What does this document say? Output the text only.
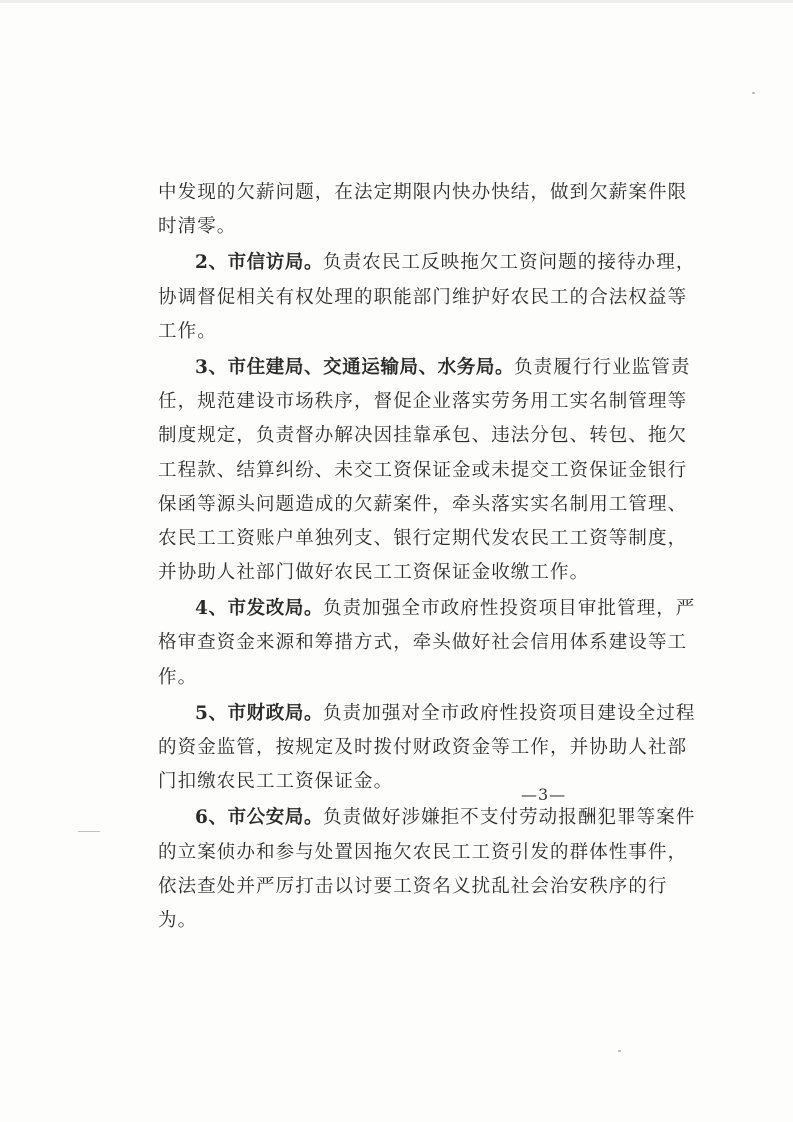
中发现的欠薪问题，在法定期限内快办快结，做到欠薪案件限
时清零。
2、市信访局。负责农民工反映拖欠工资问题的接待办理，
协调督促相关有权处理的职能部门维护好农民工的合法权益等
工作。
3、市住建局、交通运输局、水务局。负责履行行业监管责
任，规范建设市场秩序，督促企业落实劳务用工实名制管理等
制度规定，负责督办解决因挂靠承包、违法分包、转包、拖欠
工程款、结算纠纷、未交工资保证金或未提交工资保证金银行
保函等源头问题造成的欠薪案件，牵头落实实名制用工管理、
农民工工资账户单独列支、银行定期代发农民工工资等制度，
并协助人社部门做好农民工工资保证金收缴工作。
4、市发改局。负责加强全市政府性投资项目审批管理，严
格审查资金来源和筹措方式，牵头做好社会信用体系建设等工
作。
5、市财政局。负责加强对全市政府性投资项目建设全过程
的资金监管，按规定及时拨付财政资金等工作，并协助人社部
门扣缴农民工工资保证金。
6、市公安局。负责做好涉嫌拒不支付劳动报酬犯罪等案件
的立案侦办和参与处置因拖欠农民工工资引发的群体性事件，
依法查处并严厉打击以讨要工资名义扰乱社会治安秩序的行
为。
—3—
